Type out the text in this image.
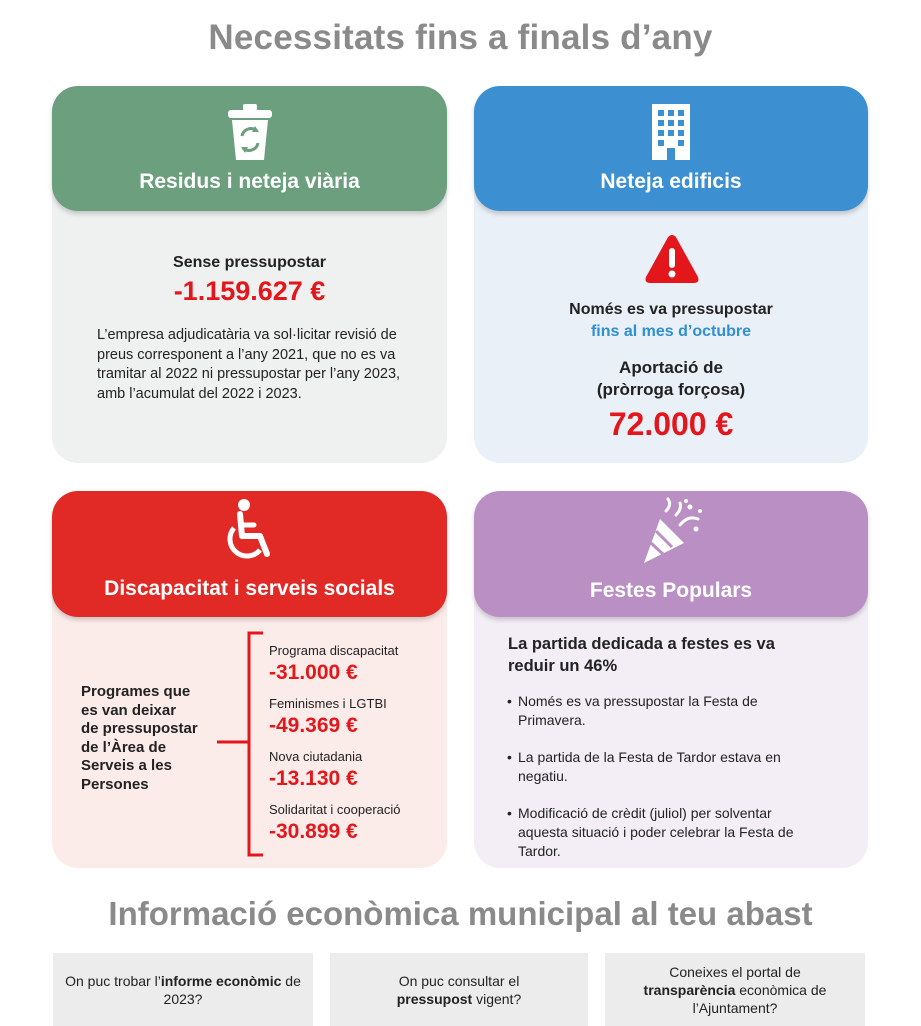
Necessitats fins a finals d’any
Residus i neteja viària
Sense pressupostar
-1.159.627 €
L’empresa adjudicatària va sol·licitar revisió de
preus corresponent a l’any 2021, que no es va
tramitar al 2022 ni pressupostar per l’any 2023,
amb l’acumulat del 2022 i 2023.
Neteja edificis
Només es va pressupostar
fins al mes d’octubre
Aportació de
(pròrroga forçosa)
72.000 €
Discapacitat i serveis socials
Programes que
es van deixar
de pressupostar
de l’Àrea de
Serveis a les
Persones
Programa discapacitat
-31.000 €
Feminismes i LGTBI
-49.369 €
Nova ciutadania
-13.130 €
Solidaritat i cooperació
-30.899 €
Festes Populars
La partida dedicada a festes es va
reduir un 46%
• Només es va pressupostar la Festa de
Primavera.
• La partida de la Festa de Tardor estava en
negatiu.
• Modificació de crèdit (juliol) per solventar
aquesta situació i poder celebrar la Festa de
Tardor.
Informació econòmica municipal al teu abast
On puc trobar l’informe econòmic de 2023?
On puc consultar el pressupost vigent?
Coneixes el portal de transparència econòmica de l’Ajuntament?
